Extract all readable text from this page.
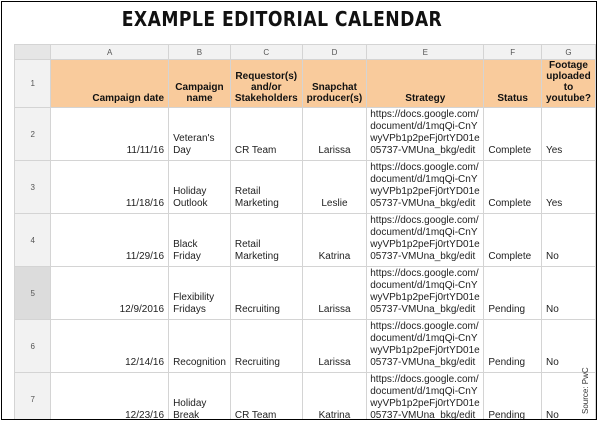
EXAMPLE EDITORIAL CALENDAR
	A	B	C	D	E	F	G
1	Campaign date	Campaign name	Requestor(s) and/or Stakeholders	Snapchat producer(s)	Strategy	Status	Footage uploaded to youtube?
2	11/11/16	Veteran's Day	CR Team	Larissa	https://docs.google.com/document/d/1mqQi-CnYwyVPb1p2peFj0rtYD01e05737-VMUna_bkg/edit	Complete	Yes
3	11/18/16	Holiday Outlook	Retail Marketing	Leslie	https://docs.google.com/document/d/1mqQi-CnYwyVPb1p2peFj0rtYD01e05737-VMUna_bkg/edit	Complete	Yes
4	11/29/16	Black Friday	Retail Marketing	Katrina	https://docs.google.com/document/d/1mqQi-CnYwyVPb1p2peFj0rtYD01e05737-VMUna_bkg/edit	Complete	No
5	12/9/2016	Flexibility Fridays	Recruiting	Larissa	https://docs.google.com/document/d/1mqQi-CnYwyVPb1p2peFj0rtYD01e05737-VMUna_bkg/edit	Pending	No
6	12/14/16	Recognition	Recruiting	Larissa	https://docs.google.com/document/d/1mqQi-CnYwyVPb1p2peFj0rtYD01e05737-VMUna_bkg/edit	Pending	No
7	12/23/16	Holiday Break	CR Team	Katrina	https://docs.google.com/document/d/1mqQi-CnYwyVPb1p2peFj0rtYD01e05737-VMUna_bkg/edit	Pending	No
Source: PwC
